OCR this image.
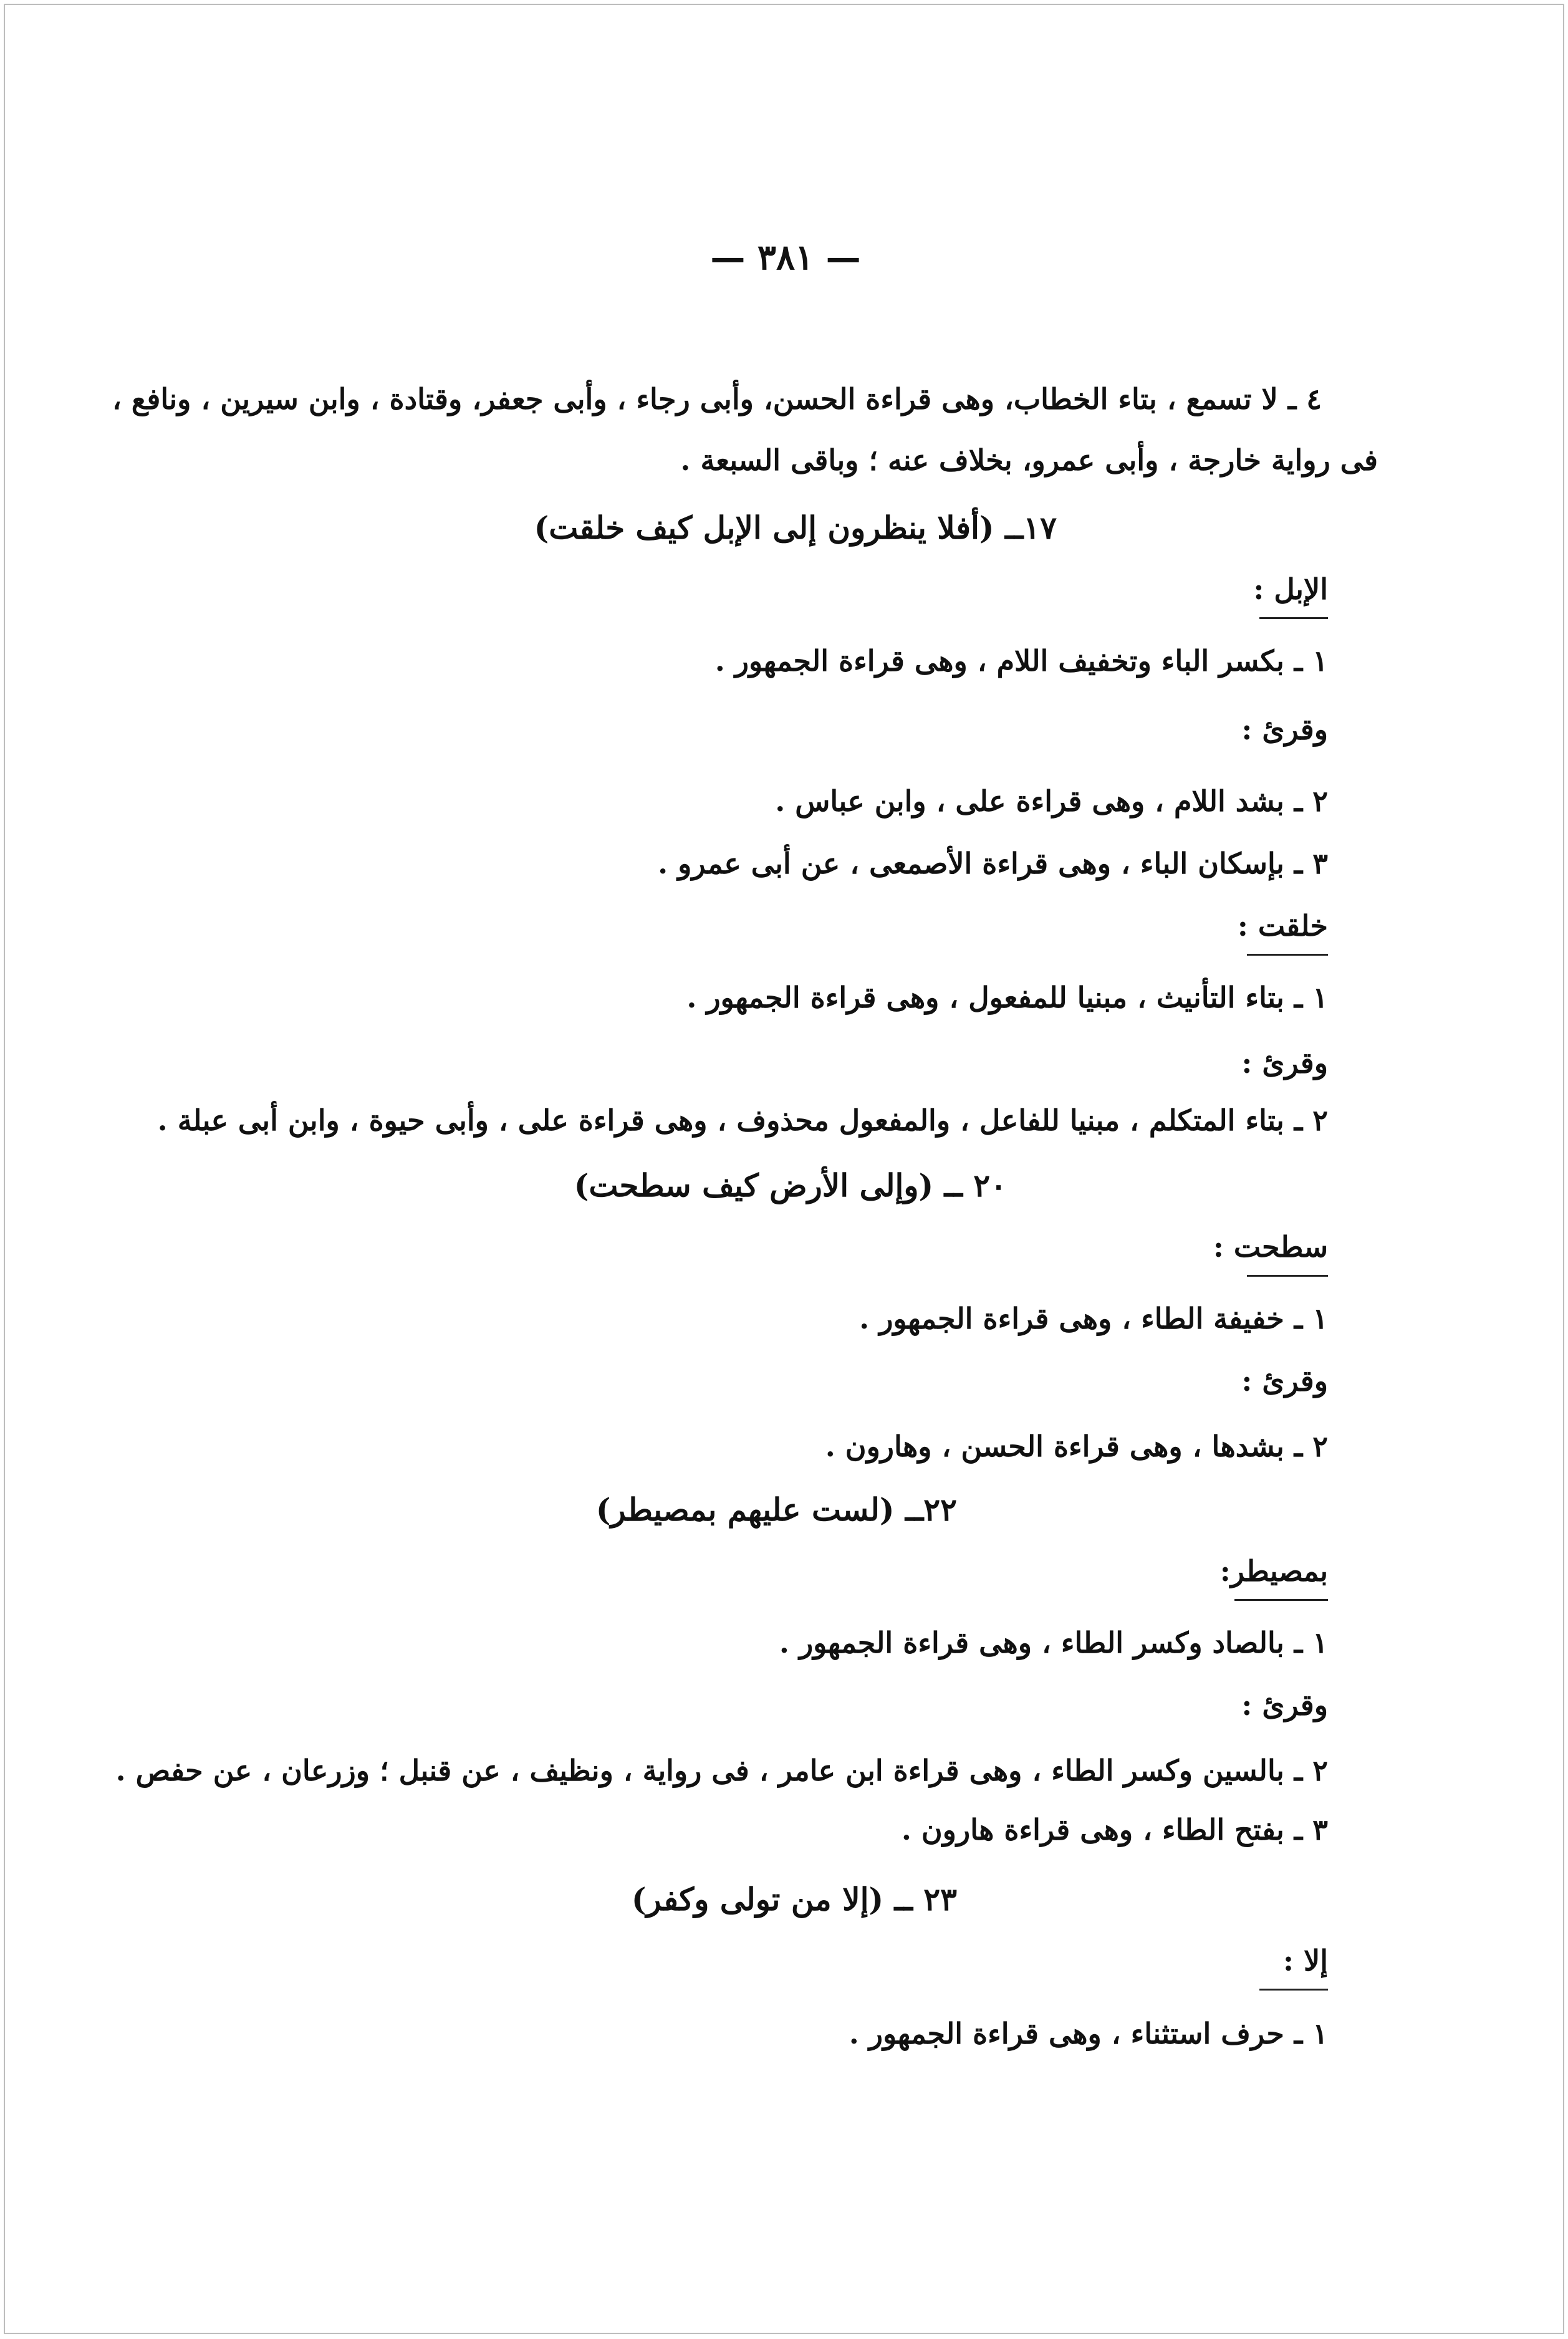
— ٣٨١ —
٤ ـ لا تسمع ، بتاء الخطاب، وهى قراءة الحسن، وأبى رجاء ، وأبى جعفر، وقتادة ، وابن سيرين ، ونافع ،
فى رواية خارجة ، وأبى عمرو، بخلاف عنه ؛ وباقى السبعة .
١٧ــ (أفلا ينظرون إلى الإبل كيف خلقت)
الإبل :
١ ـ بكسر الباء وتخفيف اللام ، وهى قراءة الجمهور .
وقرئ :
٢ ـ بشد اللام ، وهى قراءة على ، وابن عباس .
٣ ـ بإسكان الباء ، وهى قراءة الأصمعى ، عن أبى عمرو .
خلقت :
١ ـ بتاء التأنيث ، مبنيا للمفعول ، وهى قراءة الجمهور .
وقرئ :
٢ ـ بتاء المتكلم ، مبنيا للفاعل ، والمفعول محذوف ، وهى قراءة على ، وأبى حيوة ، وابن أبى عبلة .
٢٠ ــ (وإلى الأرض كيف سطحت)
سطحت :
١ ـ خفيفة الطاء ، وهى قراءة الجمهور .
وقرئ :
٢ ـ بشدها ، وهى قراءة الحسن ، وهارون .
٢٢ــ (لست عليهم بمصيطر)
بمصيطر:
١ ـ بالصاد وكسر الطاء ، وهى قراءة الجمهور .
وقرئ :
٢ ـ بالسين وكسر الطاء ، وهى قراءة ابن عامر ، فى رواية ، ونظيف ، عن قنبل ؛ وزرعان ، عن حفص .
٣ ـ بفتح الطاء ، وهى قراءة هارون .
٢٣ ــ (إلا من تولى وكفر)
إلا :
١ ـ حرف استثناء ، وهى قراءة الجمهور .
